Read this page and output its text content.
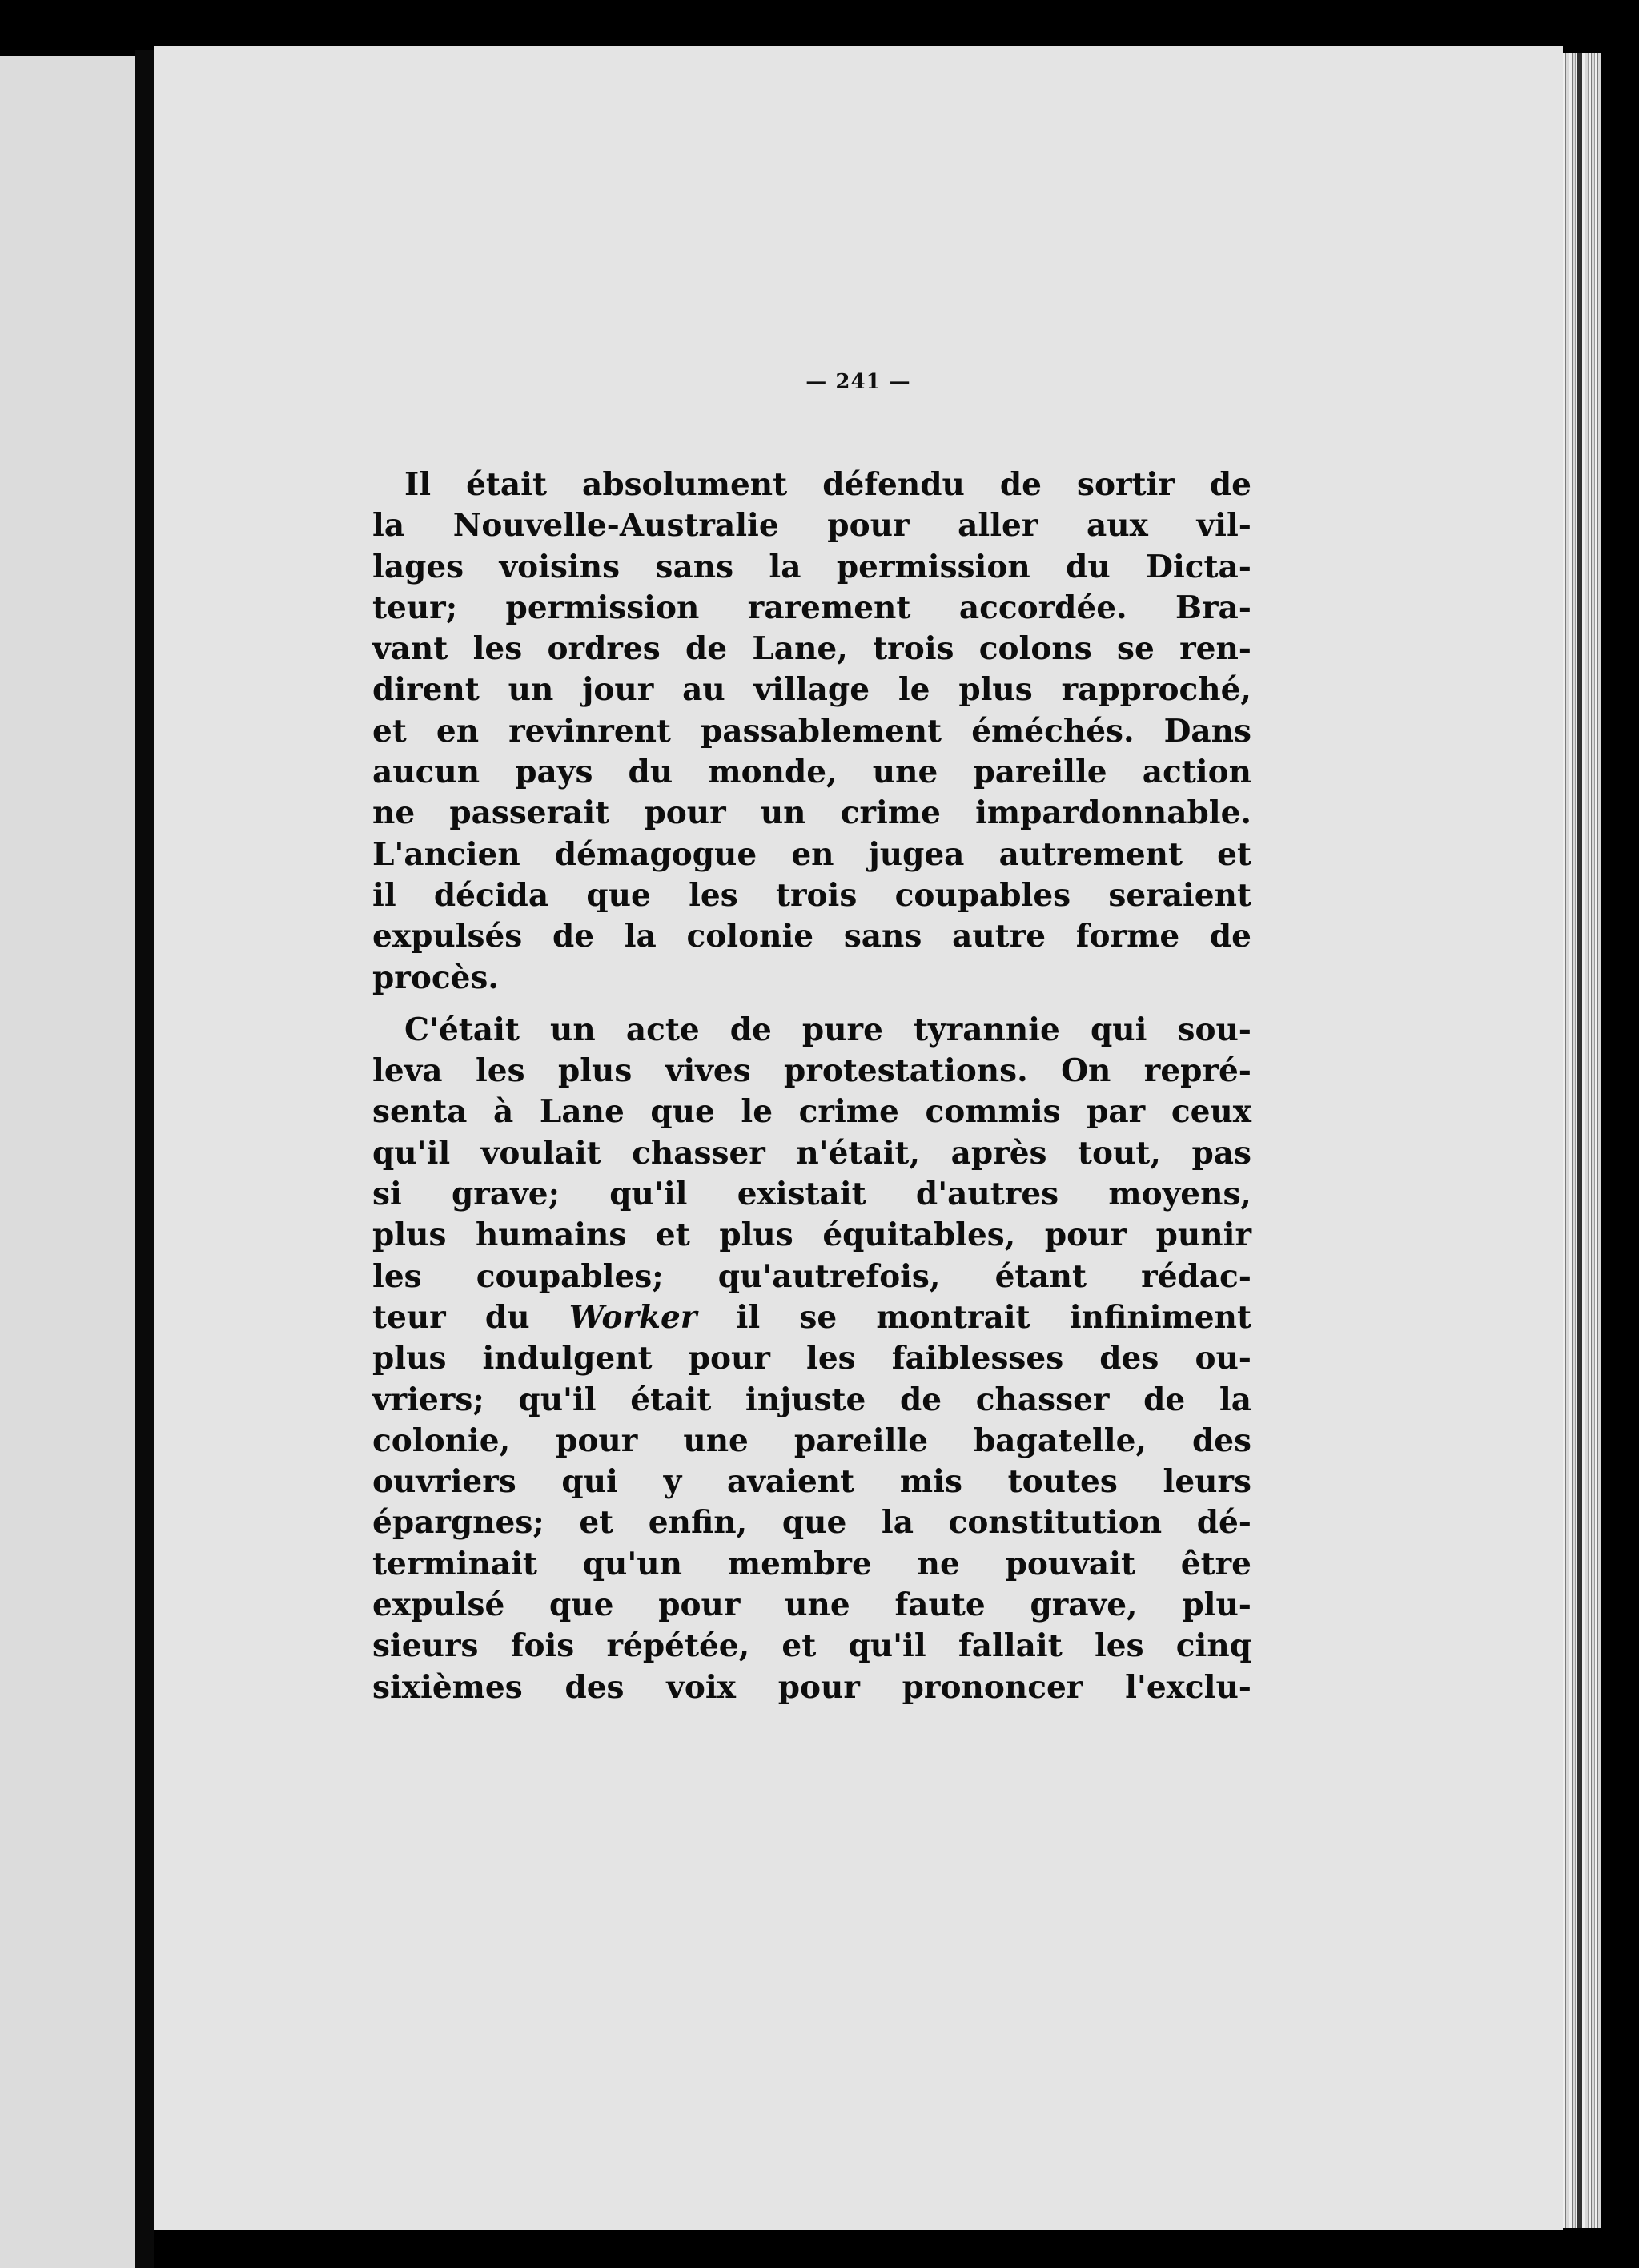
— 241 —

Il était absolument défendu de sortir de
la Nouvelle-Australie pour aller aux vil-
lages voisins sans la permission du Dicta-
teur; permission rarement accordée. Bra-
vant les ordres de Lane, trois colons se ren-
dirent un jour au village le plus rapproché,
et en revinrent passablement éméchés. Dans
aucun pays du monde, une pareille action
ne passerait pour un crime impardonnable.
L'ancien démagogue en jugea autrement et
il décida que les trois coupables seraient
expulsés de la colonie sans autre forme de
procès.

C'était un acte de pure tyrannie qui sou-
leva les plus vives protestations. On repré-
senta à Lane que le crime commis par ceux
qu'il voulait chasser n'était, après tout, pas
si grave; qu'il existait d'autres moyens,
plus humains et plus équitables, pour punir
les coupables; qu'autrefois, étant rédac-
teur du Worker il se montrait infiniment
plus indulgent pour les faiblesses des ou-
vriers; qu'il était injuste de chasser de la
colonie, pour une pareille bagatelle, des
ouvriers qui y avaient mis toutes leurs
épargnes; et enfin, que la constitution dé-
terminait qu'un membre ne pouvait être
expulsé que pour une faute grave, plu-
sieurs fois répétée, et qu'il fallait les cinq
sixièmes des voix pour prononcer l'exclu-
